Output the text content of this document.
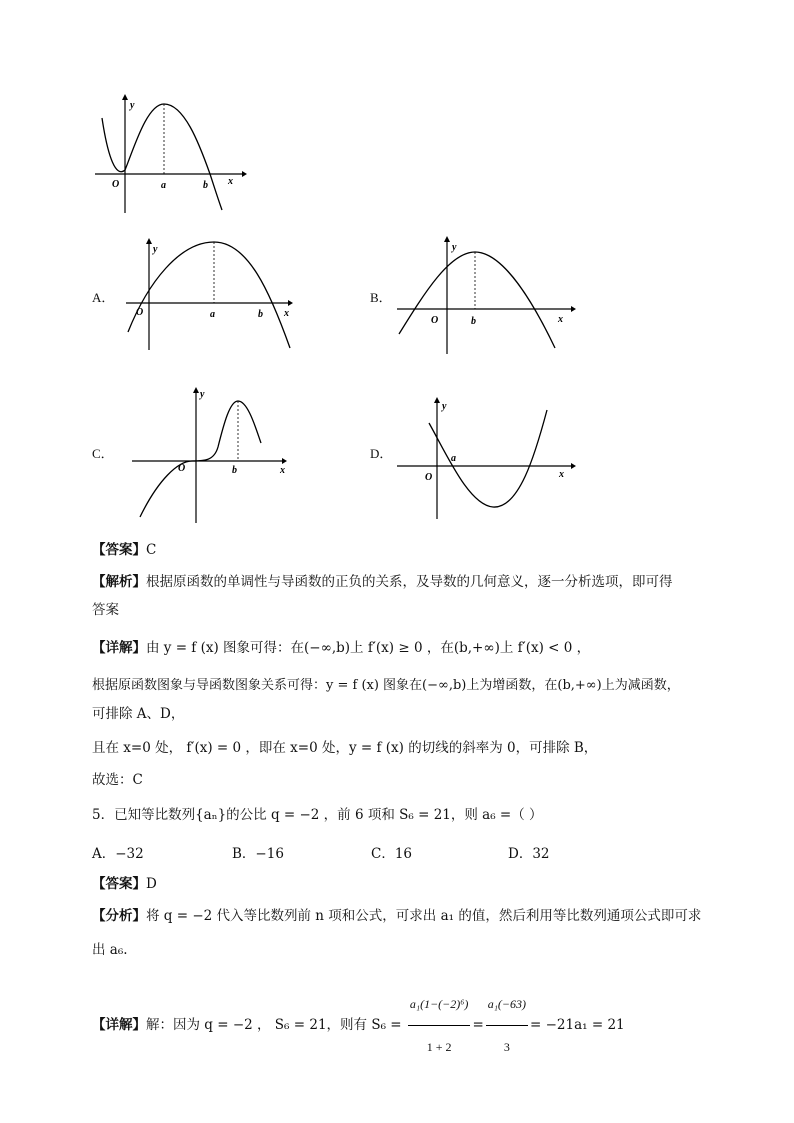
O	a	b x
y
A．
O	a	b x
y
B．
O	b	x
y
C．
O	b	x
y
D．
O
a
x
y
【答案】C
【解析】根据原函数的单调性与导函数的正负的关系，及导数的几何意义，逐一分析选项，即可得
答案
【详解】由 y = f (x) 图象可得：在(−∞,b)上 f′(x) ≥ 0 ，在(b,+∞)上 f′(x) < 0 ，
根据原函数图象与导函数图象关系可得：y = f (x) 图象在(−∞,b)上为增函数，在(b,+∞)上为减函数，
可排除 A、D，
且在 x=0 处， f′(x) = 0 ，即在 x=0 处，y = f (x) 的切线的斜率为 0，可排除 B，
故选：C
5．已知等比数列{aₙ}的公比 q = −2 ，前 6 项和 S₆ = 21，则 a₆ =（ ）
A．−32	B．−16	C．16	D．32
【答案】D
【分析】将 q = −2 代入等比数列前 n 项和公式，可求出 a₁ 的值，然后利用等比数列通项公式即可求
出 a₆.
【详解】解：因为 q = −2 ， S₆ = 21，则有 $S_6 = \frac{\text{a₁(1−(−2)⁶)}}{1 + 2} = \frac{\text{a₁(−63)}}{3} = -21a_1 = 21$
